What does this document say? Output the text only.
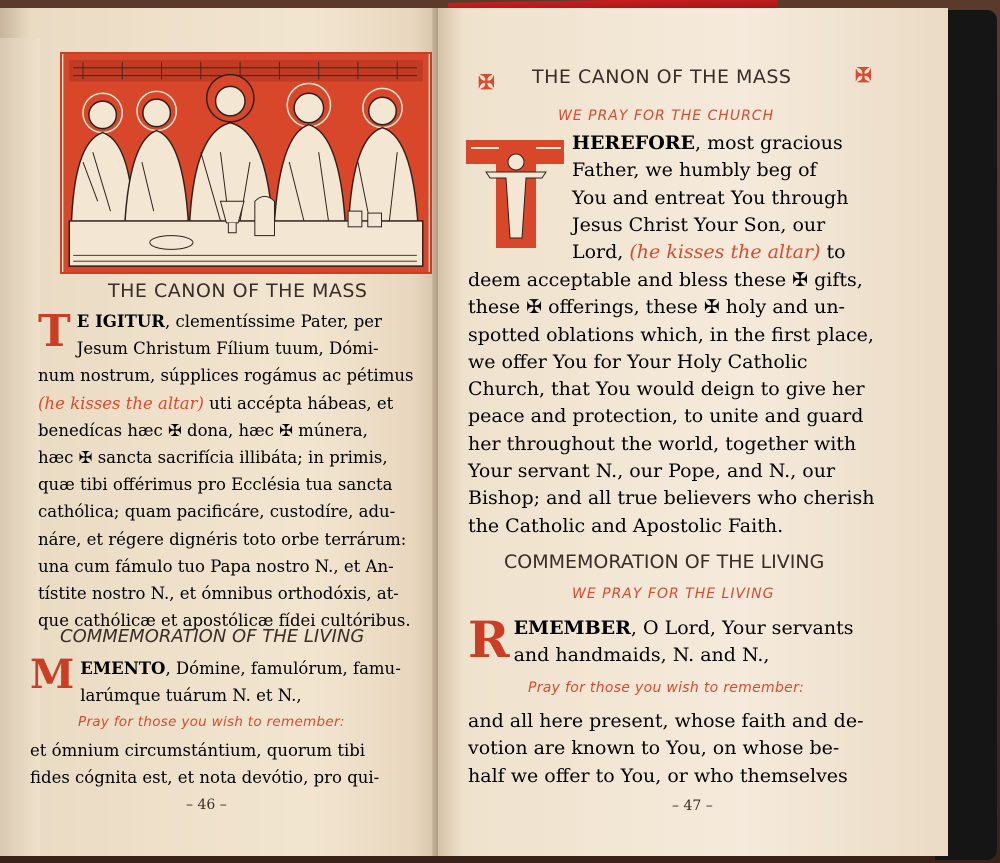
THE CANON OF THE MASS
T E IGITUR, clementíssime Pater, per
Jesum Christum Fílium tuum, Dómi-
num nostrum, súpplices rogámus ac pétimus
(he kisses the altar) uti accépta hábeas, et
benedícas hæc ✠ dona, hæc ✠ múnera,
hæc ✠ sancta sacrifícia illibáta; in primis,
quæ tibi offérimus pro Ecclésia tua sancta
cathólica; quam pacificáre, custodíre, adu-
náre, et régere dignéris toto orbe terrárum:
una cum fámulo tuo Papa nostro N., et An-
tístite nostro N., et ómnibus orthodóxis, at-
que cathólicæ et apostólicæ fídei cultóribus.
COMMEMORATION OF THE LIVING
M EMENTO, Dómine, famulórum, famu-
larúmque tuárum N. et N.,
Pray for those you wish to remember:
et ómnium circumstántium, quorum tibi
fides cógnita est, et nota devótio, pro qui-
– 46 –
✠	✠
THE CANON OF THE MASS
WE PRAY FOR THE CHURCH
HEREFORE, most gracious
Father, we humbly beg of
You and entreat You through
Jesus Christ Your Son, our
Lord, (he kisses the altar) to
deem acceptable and bless these ✠ gifts,
these ✠ offerings, these ✠ holy and un-
spotted oblations which, in the first place,
we offer You for Your Holy Catholic
Church, that You would deign to give her
peace and protection, to unite and guard
her throughout the world, together with
Your servant N., our Pope, and N., our
Bishop; and all true believers who cherish
the Catholic and Apostolic Faith.
COMMEMORATION OF THE LIVING
WE PRAY FOR THE LIVING
R EMEMBER, O Lord, Your servants
and handmaids, N. and N.,
Pray for those you wish to remember:
and all here present, whose faith and de-
votion are known to You, on whose be-
half we offer to You, or who themselves
– 47 –
